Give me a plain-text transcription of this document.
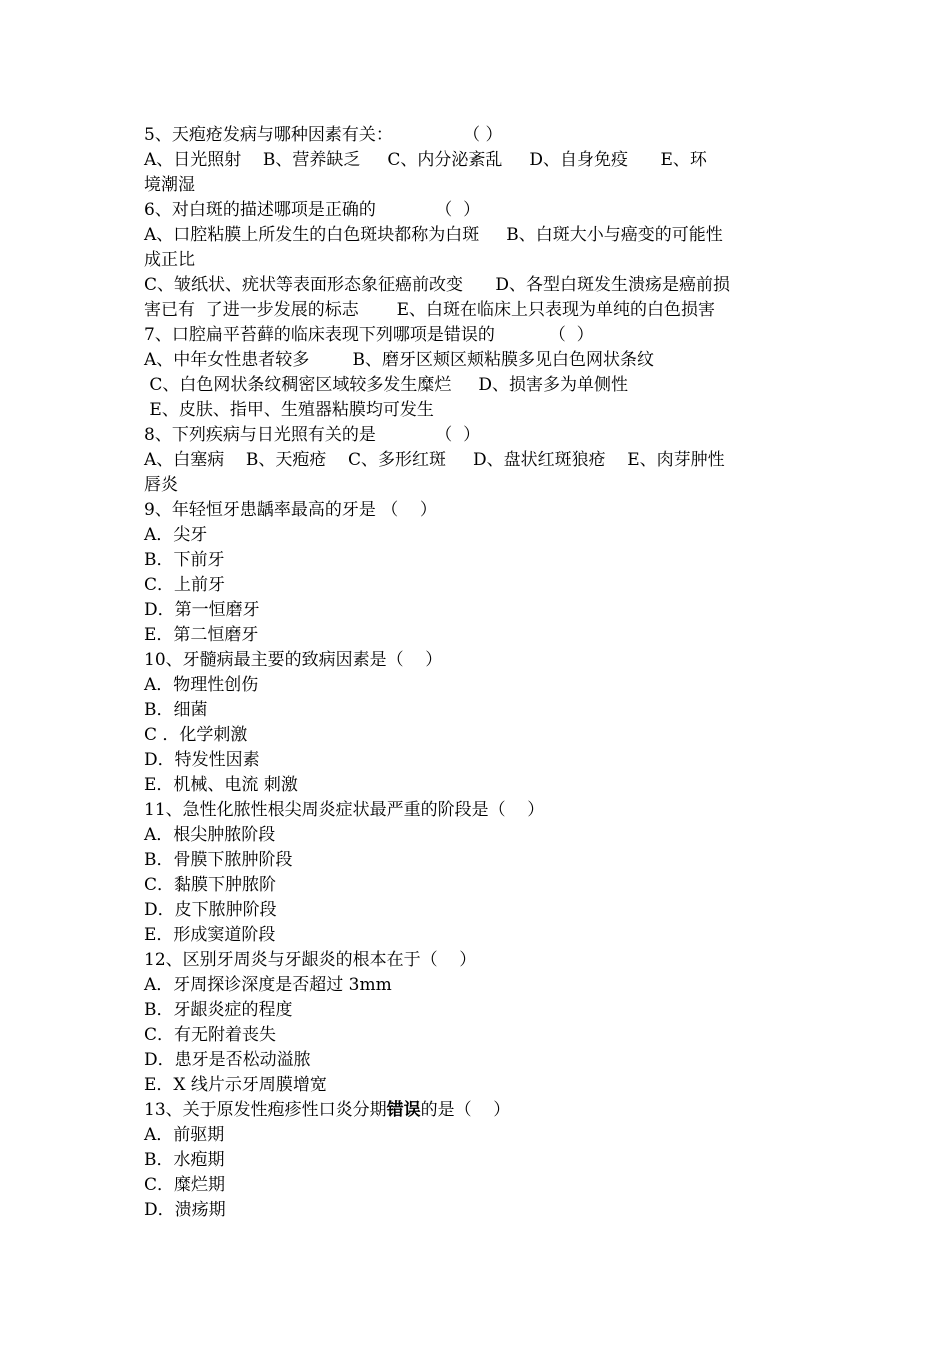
5、天疱疮发病与哪种因素有关：             （ ）
A、日光照射    B、营养缺乏     C、内分泌紊乱     D、自身免疫      E、环
境潮湿
6、对白斑的描述哪项是正确的           （  ）
A、口腔粘膜上所发生的白色斑块都称为白斑     B、白斑大小与癌变的可能性
成正比
C、皱纸状、疣状等表面形态象征癌前改变      D、各型白斑发生溃疡是癌前损
害已有  了进一步发展的标志       E、白斑在临床上只表现为单纯的白色损害
7、口腔扁平苔藓的临床表现下列哪项是错误的          （  ）
A、中年女性患者较多        B、磨牙区颊区颊粘膜多见白色网状条纹
C、白色网状条纹稠密区域较多发生糜烂     D、损害多为单侧性
E、皮肤、指甲、生殖器粘膜均可发生
8、下列疾病与日光照有关的是           （  ）
A、白塞病    B、天疱疮    C、多形红斑     D、盘状红斑狼疮    E、肉芽肿性
唇炎
9、年轻恒牙患龋率最高的牙是 （    ）
A．尖牙
B．下前牙
C．上前牙
D．第一恒磨牙
E．第二恒磨牙
10、牙髓病最主要的致病因素是（    ）
A．物理性创伤
B．细菌
C ．化学刺激
D．特发性因素
E．机械、电流 刺激
11、急性化脓性根尖周炎症状最严重的阶段是（    ）
A．根尖肿脓阶段
B．骨膜下脓肿阶段
C．黏膜下肿脓阶
D．皮下脓肿阶段
E．形成窦道阶段
12、区别牙周炎与牙龈炎的根本在于（    ）
A．牙周探诊深度是否超过 3mm
B．牙龈炎症的程度
C．有无附着丧失
D．患牙是否松动溢脓
E．X 线片示牙周膜增宽
13、关于原发性疱疹性口炎分期错误的是（    ）
A．前驱期
B．水疱期
C．糜烂期
D．溃疡期
